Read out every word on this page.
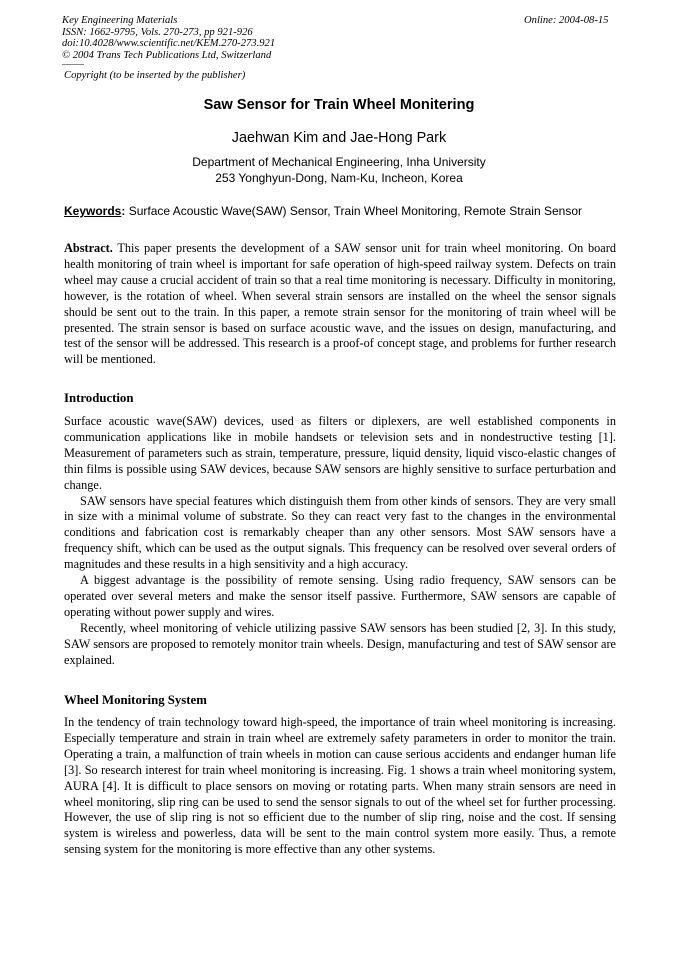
Key Engineering Materials
ISSN: 1662-9795, Vols. 270-273, pp 921-926
doi:10.4028/www.scientific.net/KEM.270-273.921
© 2004 Trans Tech Publications Ltd, Switzerland
Online: 2004-08-15
Copyright (to be inserted by the publisher)
Saw Sensor for Train Wheel Monitering
Jaehwan Kim and Jae-Hong Park
Department of Mechanical Engineering, Inha University
253 Yonghyun-Dong, Nam-Ku, Incheon, Korea
Keywords: Surface Acoustic Wave(SAW) Sensor, Train Wheel Monitoring, Remote Strain Sensor

Abstract. This paper presents the development of a SAW sensor unit for train wheel monitoring. On board health monitoring of train wheel is important for safe operation of high-speed railway system. Defects on train wheel may cause a crucial accident of train so that a real time monitoring is necessary. Difficulty in monitoring, however, is the rotation of wheel. When several strain sensors are installed on the wheel the sensor signals should be sent out to the train. In this paper, a remote strain sensor for the monitoring of train wheel will be presented. The strain sensor is based on surface acoustic wave, and the issues on design, manufacturing, and test of the sensor will be addressed. This research is a proof-of concept stage, and problems for further research will be mentioned.

Introduction

Surface acoustic wave(SAW) devices, used as filters or diplexers, are well established components in communication applications like in mobile handsets or television sets and in nondestructive testing [1]. Measurement of parameters such as strain, temperature, pressure, liquid density, liquid visco-elastic changes of thin films is possible using SAW devices, because SAW sensors are highly sensitive to surface perturbation and change.

SAW sensors have special features which distinguish them from other kinds of sensors. They are very small in size with a minimal volume of substrate. So they can react very fast to the changes in the environmental conditions and fabrication cost is remarkably cheaper than any other sensors. Most SAW sensors have a frequency shift, which can be used as the output signals. This frequency can be resolved over several orders of magnitudes and these results in a high sensitivity and a high accuracy.

A biggest advantage is the possibility of remote sensing. Using radio frequency, SAW sensors can be operated over several meters and make the sensor itself passive. Furthermore, SAW sensors are capable of operating without power supply and wires.

Recently, wheel monitoring of vehicle utilizing passive SAW sensors has been studied [2, 3]. In this study, SAW sensors are proposed to remotely monitor train wheels. Design, manufacturing and test of SAW sensor are explained.

Wheel Monitoring System

In the tendency of train technology toward high-speed, the importance of train wheel monitoring is increasing. Especially temperature and strain in train wheel are extremely safety parameters in order to monitor the train. Operating a train, a malfunction of train wheels in motion can cause serious accidents and endanger human life [3]. So research interest for train wheel monitoring is increasing. Fig. 1 shows a train wheel monitoring system, AURA [4]. It is difficult to place sensors on moving or rotating parts. When many strain sensors are need in wheel monitoring, slip ring can be used to send the sensor signals to out of the wheel set for further processing. However, the use of slip ring is not so efficient due to the number of slip ring, noise and the cost. If sensing system is wireless and powerless, data will be sent to the main control system more easily. Thus, a remote sensing system for the monitoring is more effective than any other systems.
